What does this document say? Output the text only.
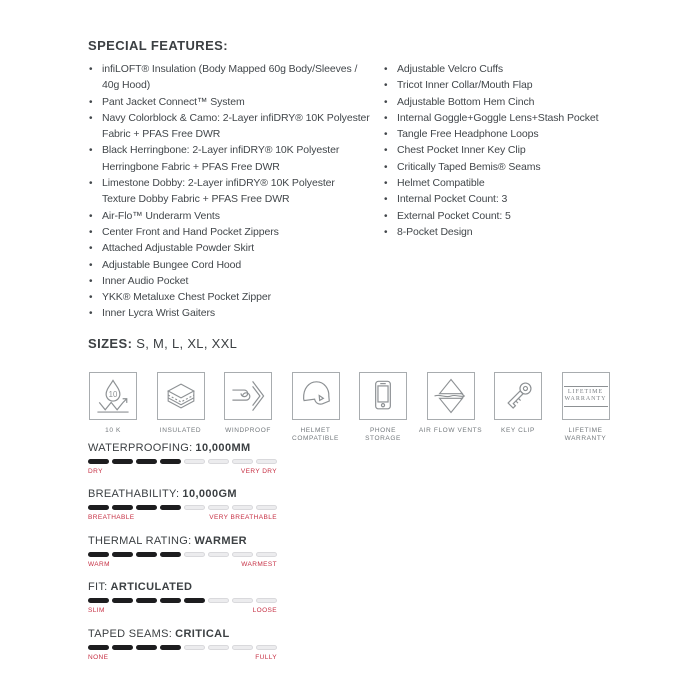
SPECIAL FEATURES:
•
infiLOFT® Insulation (Body Mapped 60g Body/Sleeves / 40g Hood)
•
Pant Jacket Connect™ System
•
Navy Colorblock & Camo: 2-Layer infiDRY® 10K Polyester Fabric + PFAS Free DWR
•
Black Herringbone: 2-Layer infiDRY® 10K Polyester Herringbone Fabric + PFAS Free DWR
•
Limestone Dobby: 2-Layer infiDRY® 10K Polyester Texture Dobby Fabric + PFAS Free DWR
•
Air-Flo™ Underarm Vents
•
Center Front and Hand Pocket Zippers
•
Attached Adjustable Powder Skirt
•
Adjustable Bungee Cord Hood
•
Inner Audio Pocket
•
YKK® Metaluxe Chest Pocket Zipper
•
Inner Lycra Wrist Gaiters
•
Adjustable Velcro Cuffs
•
Tricot Inner Collar/Mouth Flap
•
Adjustable Bottom Hem Cinch
•
Internal Goggle+Goggle Lens+Stash Pocket
•
Tangle Free Headphone Loops
•
Chest Pocket Inner Key Clip
•
Critically Taped Bemis® Seams
•
Helmet Compatible
•
Internal Pocket Count: 3
•
External Pocket Count: 5
•
8-Pocket Design
SIZES: S, M, L, XL, XXL
10
10 K	INSULATED	WINDPROOF	HELMET COMPATIBLE
PHONE STORAGE
AIR FLOW VENTS	KEY CLIP
LIFETIME
WARRANTY
LIFETIME WARRANTY
WATERPROOFING: 10,000MM
DRY	VERY DRY
BREATHABILITY: 10,000GM
BREATHABLE	VERY BREATHABLE
THERMAL RATING: WARMER
WARM	WARMEST
FIT: ARTICULATED
SLIM	LOOSE
TAPED SEAMS: CRITICAL
NONE	FULLY
